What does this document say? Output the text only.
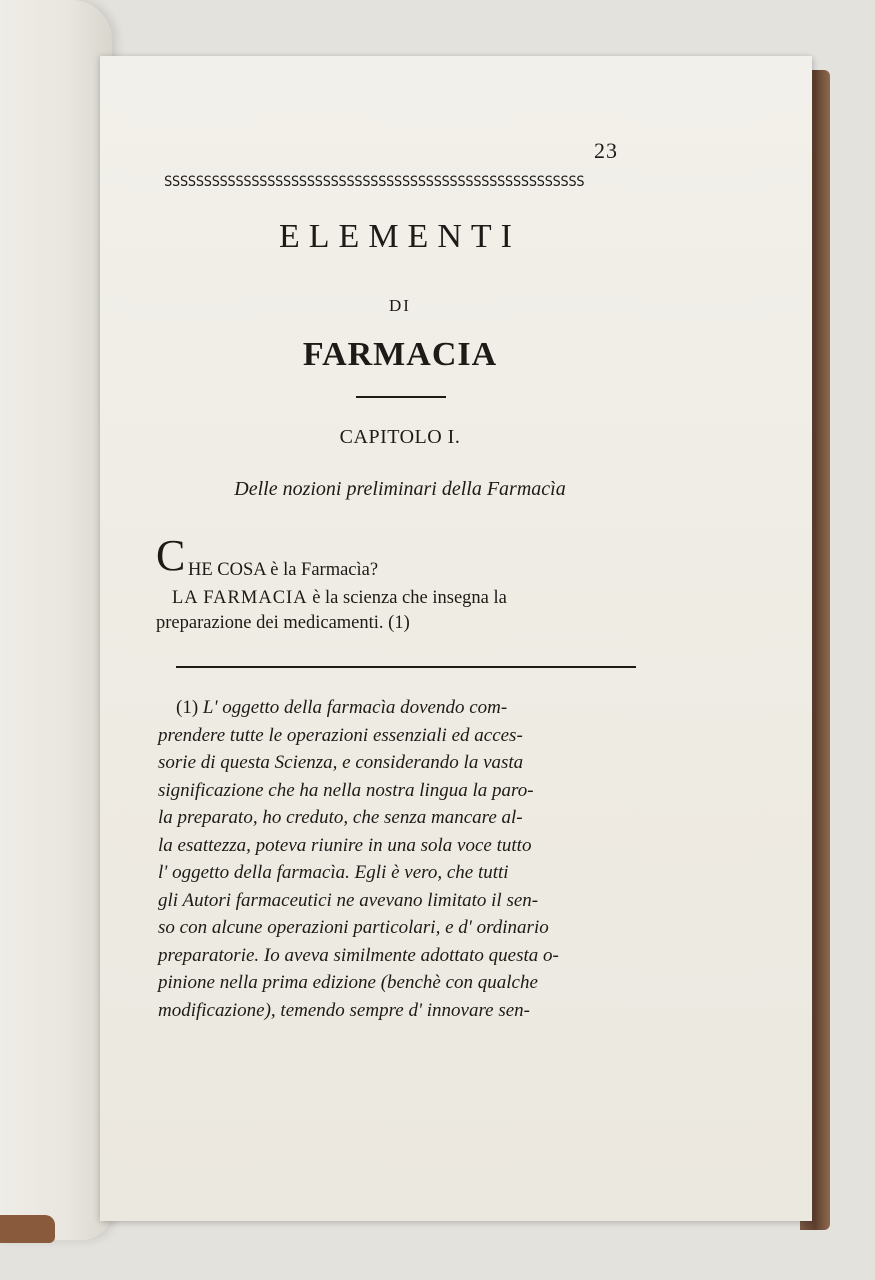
23
SSSSSSSSSSSSSSSSSSSSSSSSSSSSSSSSSSSSSSSSSSSSSSSSSSSSS
ELEMENTI
DI
FARMACIA
CAPITOLO I.
Delle nozioni preliminari della Farmacìa
C HE COSA è la Farmacìa?
LA FARMACIA è la scienza che insegna la
preparazione dei medicamenti. (1)
(1) L' oggetto della farmacìa dovendo com-
prendere tutte le operazioni essenziali ed acces-
sorie di questa Scienza, e considerando la vasta
significazione che ha nella nostra lingua la paro-
la preparato, ho creduto, che senza mancare al-
la esattezza, poteva riunire in una sola voce tutto
l' oggetto della farmacìa. Egli è vero, che tutti
gli Autori farmaceutici ne avevano limitato il sen-
so con alcune operazioni particolari, e d' ordinario
preparatorie. Io aveva similmente adottato questa o-
pinione nella prima edizione (benchè con qualche
modificazione), temendo sempre d' innovare sen-
